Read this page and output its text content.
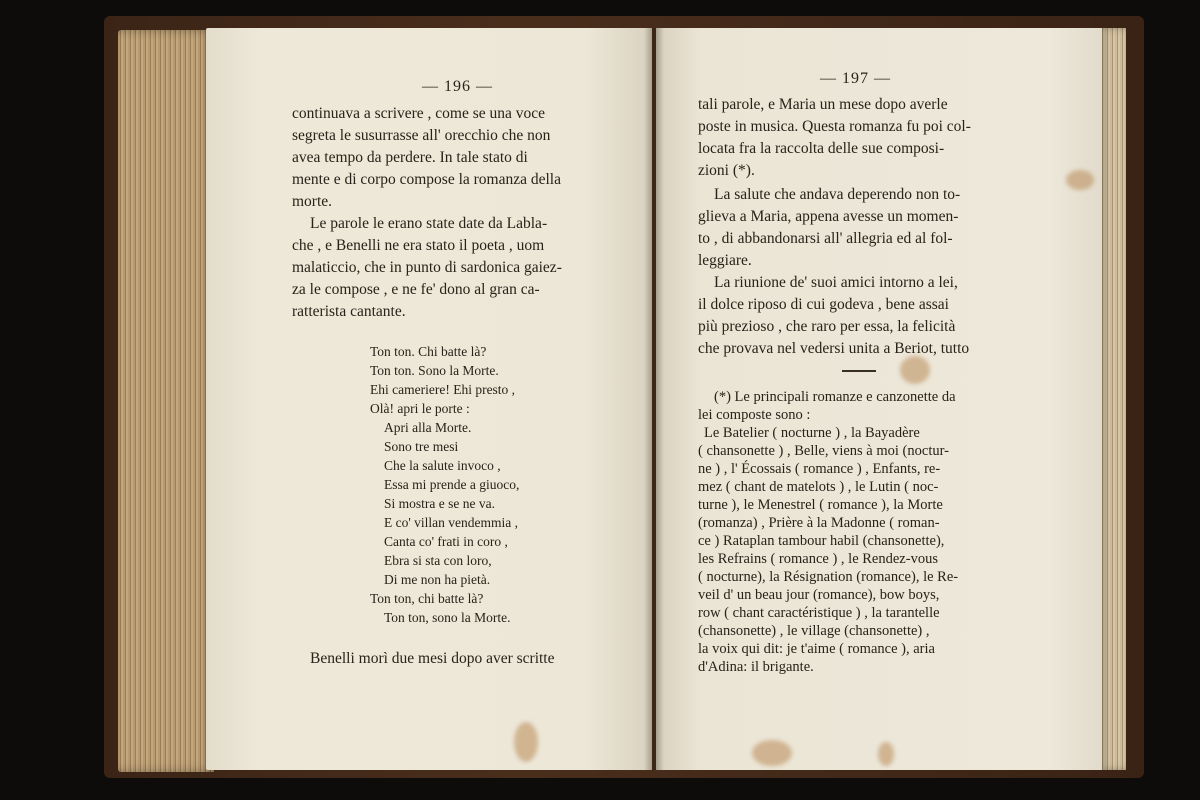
— 196 —
continuava a scrivere , come se una voce
segreta le susurrasse all' orecchio che non
avea tempo da perdere. In tale stato di
mente e di corpo compose la romanza della
morte.
Le parole le erano state date da Labla-
che , e Benelli ne era stato il poeta , uom
malaticcio, che in punto di sardonica gaiez-
za le compose , e ne fe' dono al gran ca-
ratterista cantante.
Ton ton. Chi batte là?
Ton ton. Sono la Morte.
Ehi cameriere! Ehi presto ,
Olà! apri le porte :
Apri alla Morte.
Sono tre mesi
Che la salute invoco ,
Essa mi prende a giuoco,
Si mostra e se ne va.
E co' villan vendemmia ,
Canta co' frati in coro ,
Ebra si sta con loro,
Di me non ha pietà.
Ton ton, chi batte là?
Ton ton, sono la Morte.
Benelli morì due mesi dopo aver scritte
— 197 —
tali parole, e Maria un mese dopo averle
poste in musica. Questa romanza fu poi col-
locata fra la raccolta delle sue composi-
zioni (*).
La salute che andava deperendo non to-
glieva a Maria, appena avesse un momen-
to , di abbandonarsi all' allegria ed al fol-
leggiare.
La riunione de' suoi amici intorno a lei,
il dolce riposo di cui godeva , bene assai
più prezioso , che raro per essa, la felicità
che provava nel vedersi unita a Beriot, tutto
(*) Le principali romanze e canzonette da
lei composte sono :
Le Batelier ( nocturne ) , la Bayadère
( chansonette ) , Belle, viens à moi (noctur-
ne ) , l' Écossais ( romance ) , Enfants, re-
mez ( chant de matelots ) , le Lutin ( noc-
turne ), le Menestrel ( romance ), la Morte
(romanza) , Prière à la Madonne ( roman-
ce ) Rataplan tambour habil (chansonette),
les Refrains ( romance ) , le Rendez-vous
( nocturne), la Résignation (romance), le Re-
veil d' un beau jour (romance), bow boys,
row ( chant caractéristique ) , la tarantelle
(chansonette) , le village (chansonette) ,
la voix qui dit: je t'aime ( romance ), aria
d'Adina: il brigante.
